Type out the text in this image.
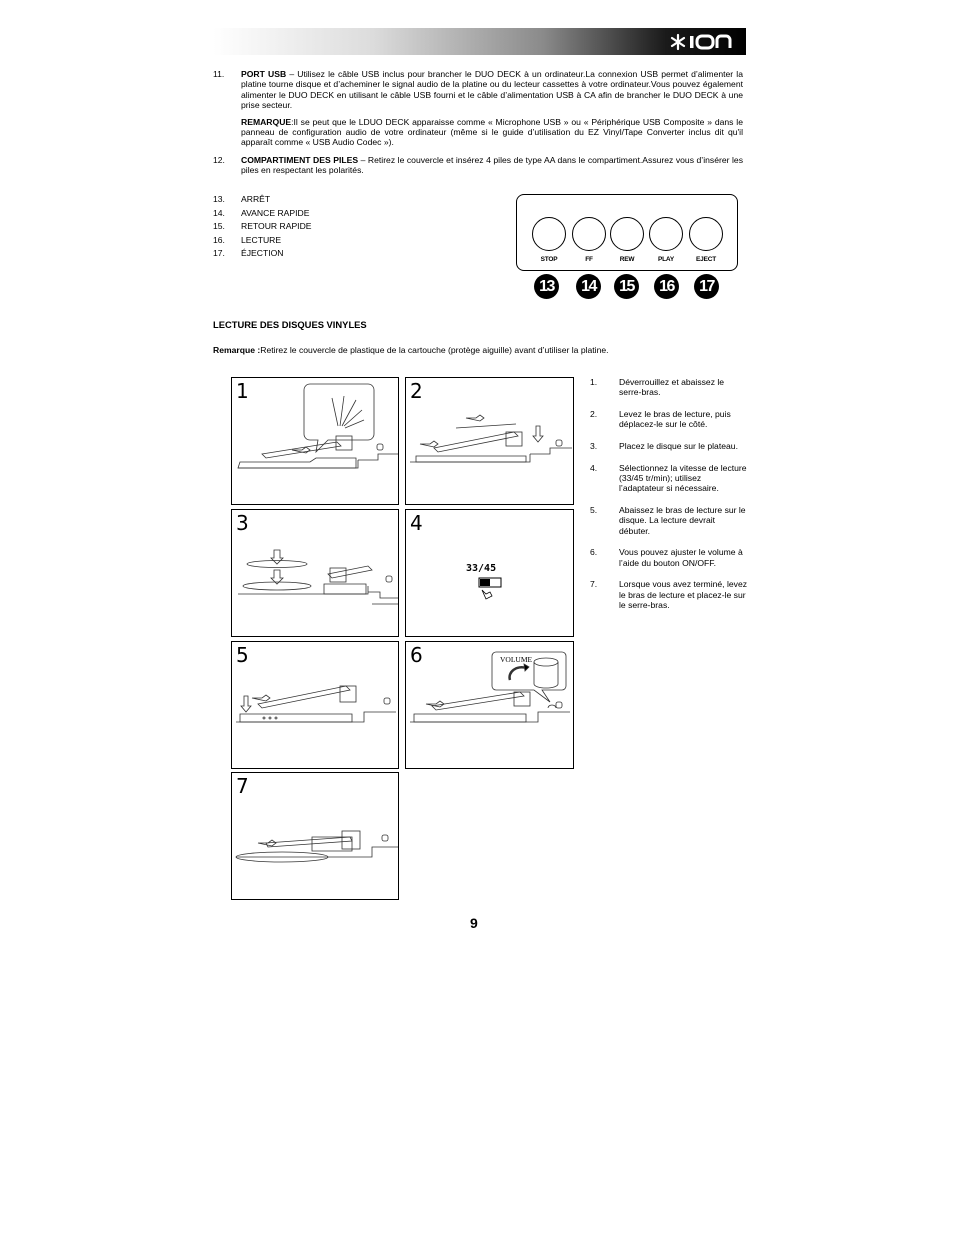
11.	PORT USB – Utilisez le câble USB inclus pour brancher le DUO DECK à un ordinateur.La connexion USB permet d’alimenter la platine tourne disque et d’acheminer le signal audio de la platine ou du lecteur cassettes à votre ordinateur.Vous pouvez également alimenter le DUO DECK en utilisant le câble USB fourni et le câble d’alimentation USB à CA afin de brancher le DUO DECK à une prise secteur.

REMARQUE:Il se peut que le LDUO DECK apparaisse comme « Microphone USB » ou « Périphérique USB Composite » dans le panneau de configuration audio de votre ordinateur (même si le guide d’utilisation du EZ Vinyl/Tape Converter inclus dit qu'il apparaît comme « USB Audio Codec »).

12.	COMPARTIMENT DES PILES – Retirez le couvercle et insérez 4 piles de type AA dans le compartiment.Assurez vous d’insérer les piles en respectant les polarités.

13.	ARRÊT
14.	AVANCE RAPIDE
15.	RETOUR RAPIDE
16.	LECTURE
17.	ÉJECTION
STOP	FF	REW	PLAY	EJECT
13	14	15	16	17
LECTURE DES DISQUES VINYLES
Remarque :Retirez le couvercle de plastique de la cartouche (protège aiguille) avant d’utiliser la platine.
1	2
3	4
33/45
5	6	VOLUME
7
1.	Déverrouillez et abaissez le serre-bras.
2.	Levez le bras de lecture, puis déplacez-le sur le côté.
3.	Placez le disque sur le plateau.
4.	Sélectionnez la vitesse de lecture (33/45 tr/min); utilisez l’adaptateur si nécessaire.
5.	Abaissez le bras de lecture sur le disque. La lecture devrait débuter.
6.	Vous pouvez ajuster le volume à l’aide du bouton ON/OFF.
7.	Lorsque vous avez terminé, levez le bras de lecture et placez-le sur le serre-bras.
9
